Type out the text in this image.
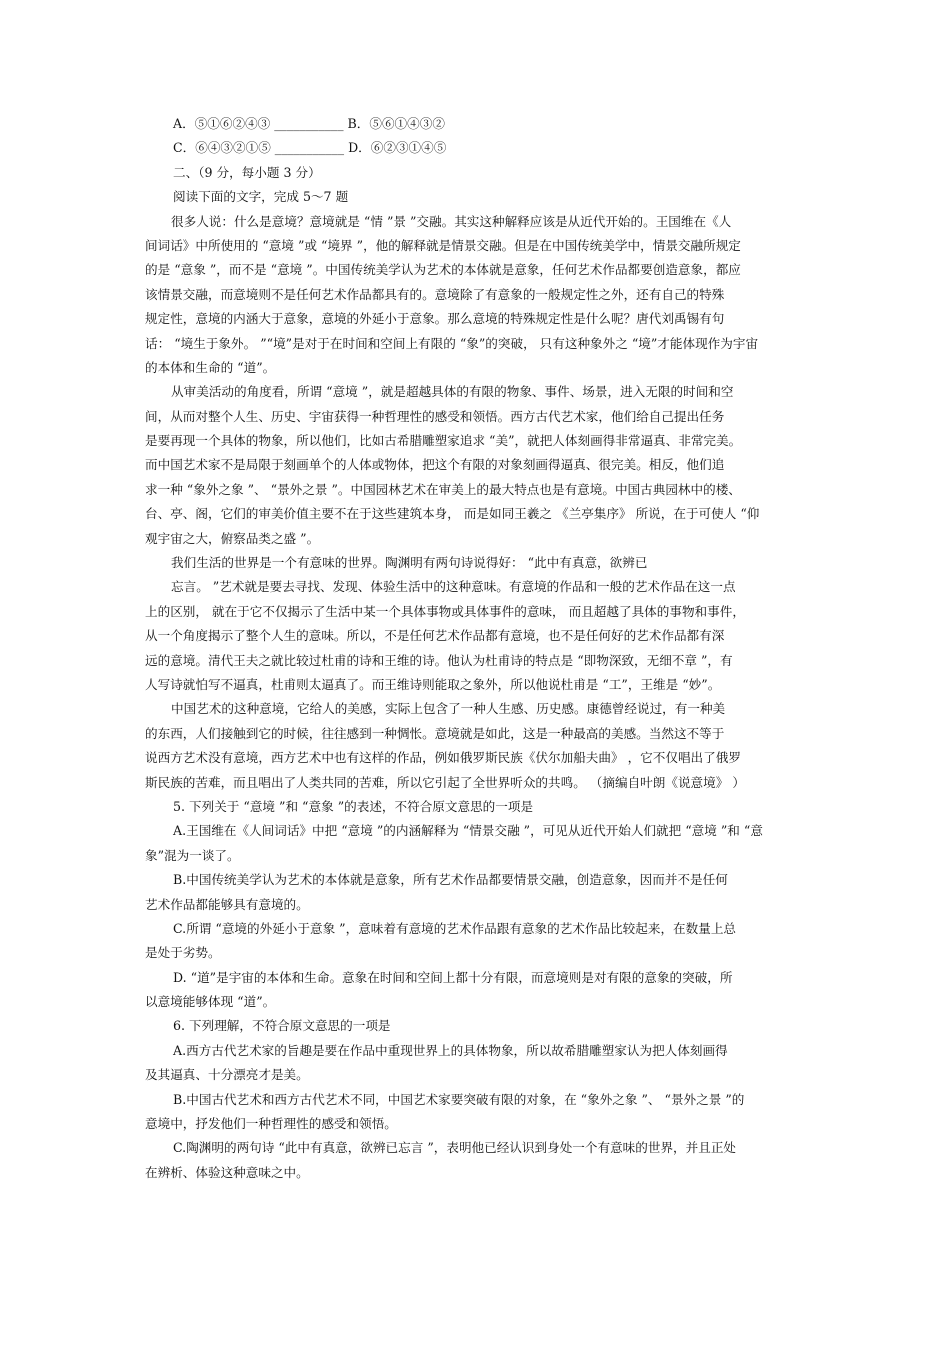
A．⑤①⑥②④③ ___________ B．⑤⑥①④③②
C．⑥④③②①⑤ ___________ D．⑥②③①④⑤
二、（9 分，每小题 3 分）
阅读下面的文字，完成 5～7 题
很多人说：什么是意境？意境就是 “情 ”景 ”交融。其实这种解释应该是从近代开始的。王国维在《人
间词话》中所使用的 “意境 ”或 “境界 ”，他的解释就是情景交融。但是在中国传统美学中，情景交融所规定
的是 “意象 ”，而不是 “意境 ”。中国传统美学认为艺术的本体就是意象，任何艺术作品都要创造意象，都应
该情景交融，而意境则不是任何艺术作品都具有的。意境除了有意象的一般规定性之外，还有自己的特殊
规定性，意境的内涵大于意象，意境的外延小于意象。那么意境的特殊规定性是什么呢？唐代刘禹锡有句
话： “境生于象外。 ”“境”是对于在时间和空间上有限的 “象”的突破， 只有这种象外之 “境”才能体现作为宇宙
的本体和生命的 “道”。
从审美活动的角度看，所谓 “意境 ”，就是超越具体的有限的物象、事件、场景，进入无限的时间和空
间，从而对整个人生、历史、宇宙获得一种哲理性的感受和领悟。西方古代艺术家，他们给自己提出任务
是要再现一个具体的物象，所以他们，比如古希腊雕塑家追求 “美”，就把人体刻画得非常逼真、非常完美。
而中国艺术家不是局限于刻画单个的人体或物体，把这个有限的对象刻画得逼真、很完美。相反，他们追
求一种 “象外之象 ”、 “景外之景 ”。中国园林艺术在审美上的最大特点也是有意境。中国古典园林中的楼、
台、亭、阁，它们的审美价值主要不在于这些建筑本身， 而是如同王羲之 《兰亭集序》 所说，在于可使人 “仰
观宇宙之大，俯察品类之盛 ”。
我们生活的世界是一个有意味的世界。陶渊明有两句诗说得好： “此中有真意，欲辨已
忘言。 ”艺术就是要去寻找、发现、体验生活中的这种意味。有意境的作品和一般的艺术作品在这一点
上的区别， 就在于它不仅揭示了生活中某一个具体事物或具体事件的意味， 而且超越了具体的事物和事件，
从一个角度揭示了整个人生的意味。所以，不是任何艺术作品都有意境，也不是任何好的艺术作品都有深
远的意境。清代王夫之就比较过杜甫的诗和王维的诗。他认为杜甫诗的特点是 “即物深致，无细不章 ”，有
人写诗就怕写不逼真，杜甫则太逼真了。而王维诗则能取之象外，所以他说杜甫是 “工”，王维是 “妙”。
中国艺术的这种意境，它给人的美感，实际上包含了一种人生感、历史感。康德曾经说过，有一种美
的东西，人们接触到它的时候，往往感到一种惆怅。意境就是如此，这是一种最高的美感。当然这不等于
说西方艺术没有意境，西方艺术中也有这样的作品，例如俄罗斯民族《伏尔加船夫曲》 ，它不仅唱出了俄罗
斯民族的苦难，而且唱出了人类共同的苦难，所以它引起了全世界听众的共鸣。 （摘编自叶朗《说意境》 ）
5. 下列关于 “意境 ”和 “意象 ”的表述，不符合原文意思的一项是
A.王国维在《人间词话》中把 “意境 ”的内涵解释为 “情景交融 ”，可见从近代开始人们就把 “意境 ”和 “意
象”混为一谈了。
B.中国传统美学认为艺术的本体就是意象，所有艺术作品都要情景交融，创造意象，因而并不是任何
艺术作品都能够具有意境的。
C.所谓 “意境的外延小于意象 ”，意味着有意境的艺术作品跟有意象的艺术作品比较起来，在数量上总
是处于劣势。
D. “道”是宇宙的本体和生命。意象在时间和空间上都十分有限，而意境则是对有限的意象的突破，所
以意境能够体现 “道”。
6. 下列理解，不符合原文意思的一项是
A.西方古代艺术家的旨趣是要在作品中重现世界上的具体物象，所以故希腊雕塑家认为把人体刻画得
及其逼真、十分漂亮才是美。
B.中国古代艺术和西方古代艺术不同，中国艺术家要突破有限的对象，在 “象外之象 ”、 “景外之景 ”的
意境中，抒发他们一种哲理性的感受和领悟。
C.陶渊明的两句诗 “此中有真意，欲辨已忘言 ”，表明他已经认识到身处一个有意味的世界，并且正处
在辨析、体验这种意味之中。
